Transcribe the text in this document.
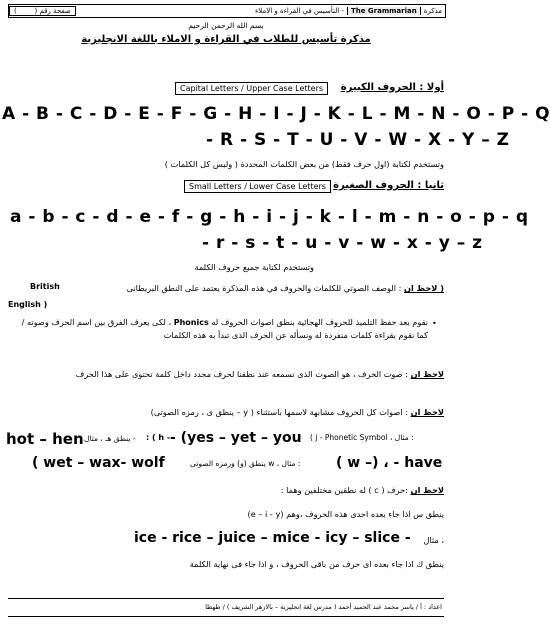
مذكرة
The Grammarian
- التأسيس في القراءة و الاملاء
صفحة رقم (        )
بسم الله الرحمن الرحيم
مذكرة تأسيس للطلاب في القراءة و الاملاء باللغة الانجليزية
أولا : الحروف الكبيرة
Capital Letters / Upper Case Letters
A - B - C - D - E - F - G - H - I - J - K - L - M - N - O - P - Q
- R - S - T - U - V - W - X - Y – Z
وتستخدم لكتابة (اول حرف فقط) من بعض الكلمات المحددة ( وليس كل الكلمات )
ثانيا : الحروف الصغيرة
Small Letters / Lower Case Letters
a - b - c - d - e - f - g - h - i - j - k - l - m - n - o - p - q
- r - s - t - u - v - w - x - y – z
وتستخدم لكتابة جميع حروف الكلمة
( لاحظ ان : الوصف الصوتي للكلمات والحروف في هذه المذكرة يعتمد على النطق البريطانى
British
English )
•
نقوم بعد حفظ التلميذ للحروف الهجائية بنطق اصوات الحروف له Phonics ، لكى يعرف الفرق بين اسم الحرف وصوته / كما نقوم بقراءة كلمات منفردة له ونسأله عن الحرف الذى تبدأ به هذه الكلمات
لاحظ ان : صوت الحرف ، هو الصوت الذى نسمعه عند نطقنا لحرف محدد داخل كلمة تحتوى على هذا الحرف
لاحظ ان : اصوات كل الحروف مشابهة لاسمها باستثناء ( y – ينطق ى ، رمزه الصوتى)
hot – hen - ينطق هـ ، مثال : ( h - - (yes – yet – you : مثال ، j - Phonetic Symbol )
( wet – wax- wolf	: مثال ، w ينطق (و) ورمزه الصوتى	( w –) ، - have
لاحظ ان :حرف ( c ) له نطقين مختلفين وهما :
ينطق س اذا جاء بعده احدى هذه الحروف ،وهم (e – i - y)
ice - rice – juice – mice - icy – slice - ، مثال
ينطق ك اذا جاء بعده اى حرف من باقى الحروف ، و اذا جاء فى نهاية الكلمة
اعداد : أ / ياسر محمد عبد الحميد أحمد ( مدرس لغة انجليزية – بالازهر الشريف ) / طهطا
